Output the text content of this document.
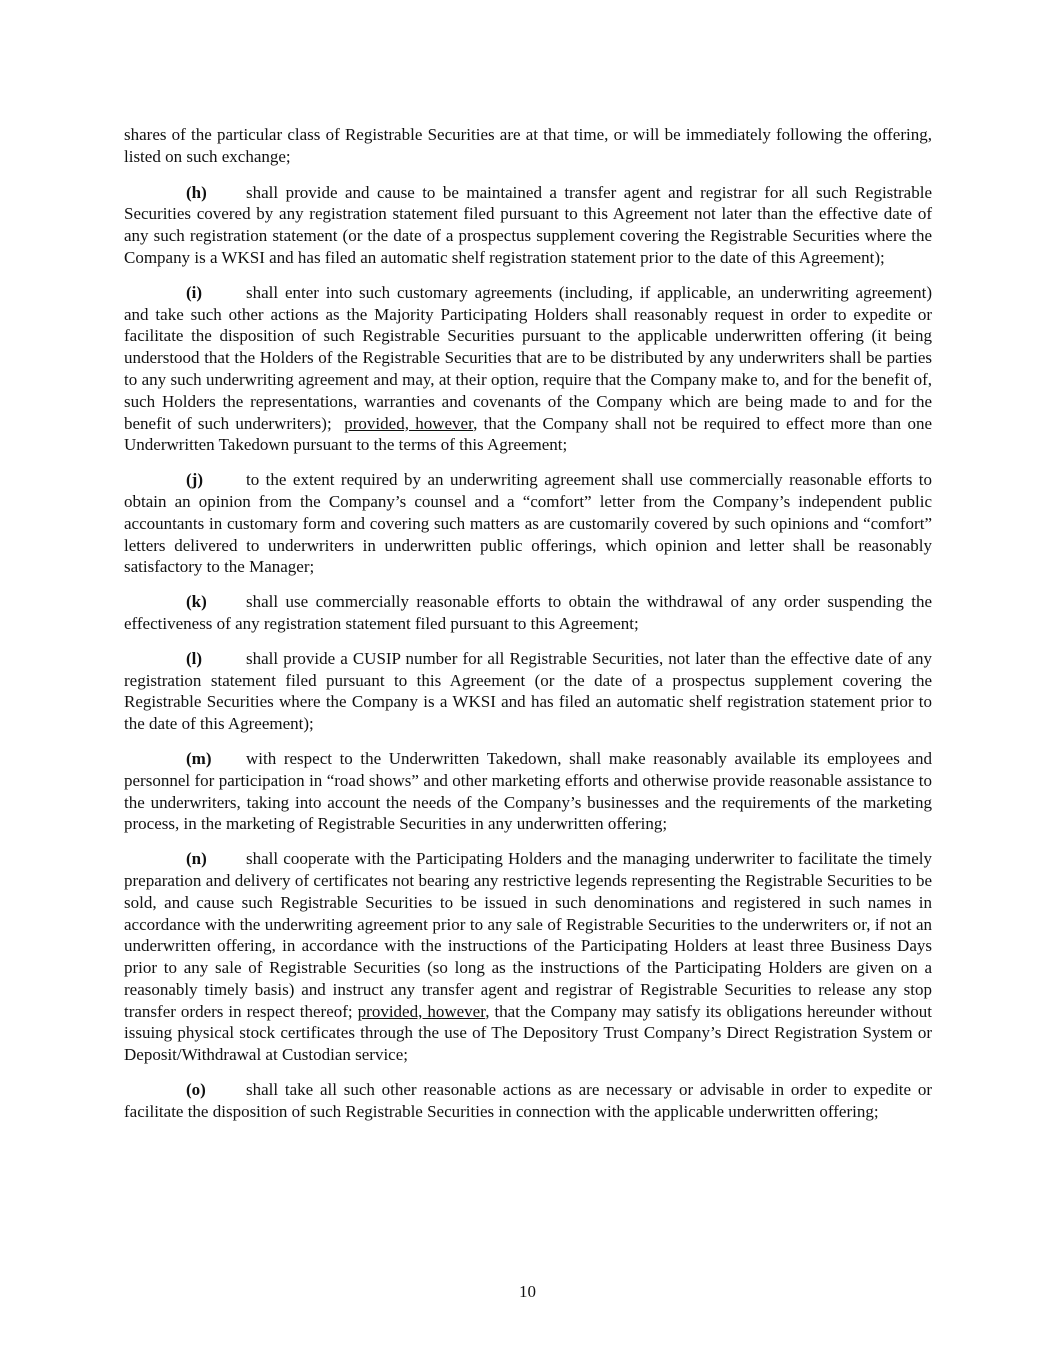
shares of the particular class of Registrable Securities are at that time, or will be immediately following the offering, listed on such exchange;

(h) shall provide and cause to be maintained a transfer agent and registrar for all such Registrable Securities covered by any registration statement filed pursuant to this Agreement not later than the effective date of any such registration statement (or the date of a prospectus supplement covering the Registrable Securities where the Company is a WKSI and has filed an automatic shelf registration statement prior to the date of this Agreement);

(i)	shall enter into such customary agreements (including, if applicable, an underwriting agreement) and take such other actions as the Majority Participating Holders shall reasonably request in order to expedite or facilitate the disposition of such Registrable Securities pursuant to the applicable underwritten offering (it being understood that the Holders of the Registrable Securities that are to be distributed by any underwriters shall be parties to any such underwriting agreement and may, at their option, require that the Company make to, and for the benefit of, such Holders the representations, warranties and covenants of the Company which are being made to and for the benefit of such underwriters); provided, however, that the Company shall not be required to effect more than one Underwritten Takedown pursuant to the terms of this Agreement;

(j)	to the extent required by an underwriting agreement shall use commercially reasonable efforts to obtain an opinion from the Company’s counsel and a “comfort” letter from the Company’s independent public accountants in customary form and covering such matters as are customarily covered by such opinions and “comfort” letters delivered to underwriters in underwritten public offerings, which opinion and letter shall be reasonably satisfactory to the Manager;

(k) shall use commercially reasonable efforts to obtain the withdrawal of any order suspending the effectiveness of any registration statement filed pursuant to this Agreement;

(l)	shall provide a CUSIP number for all Registrable Securities, not later than the effective date of any registration statement filed pursuant to this Agreement (or the date of a prospectus supplement covering the Registrable Securities where the Company is a WKSI and has filed an automatic shelf registration statement prior to the date of this Agreement);

(m) with respect to the Underwritten Takedown, shall make reasonably available its employees and personnel for participation in “road shows” and other marketing efforts and otherwise provide reasonable assistance to the underwriters, taking into account the needs of the Company’s businesses and the requirements of the marketing process, in the marketing of Registrable Securities in any underwritten offering;

(n) shall cooperate with the Participating Holders and the managing underwriter to facilitate the timely preparation and delivery of certificates not bearing any restrictive legends representing the Registrable Securities to be sold, and cause such Registrable Securities to be issued in such denominations and registered in such names in accordance with the underwriting agreement prior to any sale of Registrable Securities to the underwriters or, if not an underwritten offering, in accordance with the instructions of the Participating Holders at least three Business Days prior to any sale of Registrable Securities (so long as the instructions of the Participating Holders are given on a reasonably timely basis) and instruct any transfer agent and registrar of Registrable Securities to release any stop transfer orders in respect thereof; provided, however, that the Company may satisfy its obligations hereunder without issuing physical stock certificates through the use of The Depository Trust Company’s Direct Registration System or Deposit/Withdrawal at Custodian service;

(o) shall take all such other reasonable actions as are necessary or advisable in order to expedite or facilitate the disposition of such Registrable Securities in connection with the applicable underwritten offering;

10
